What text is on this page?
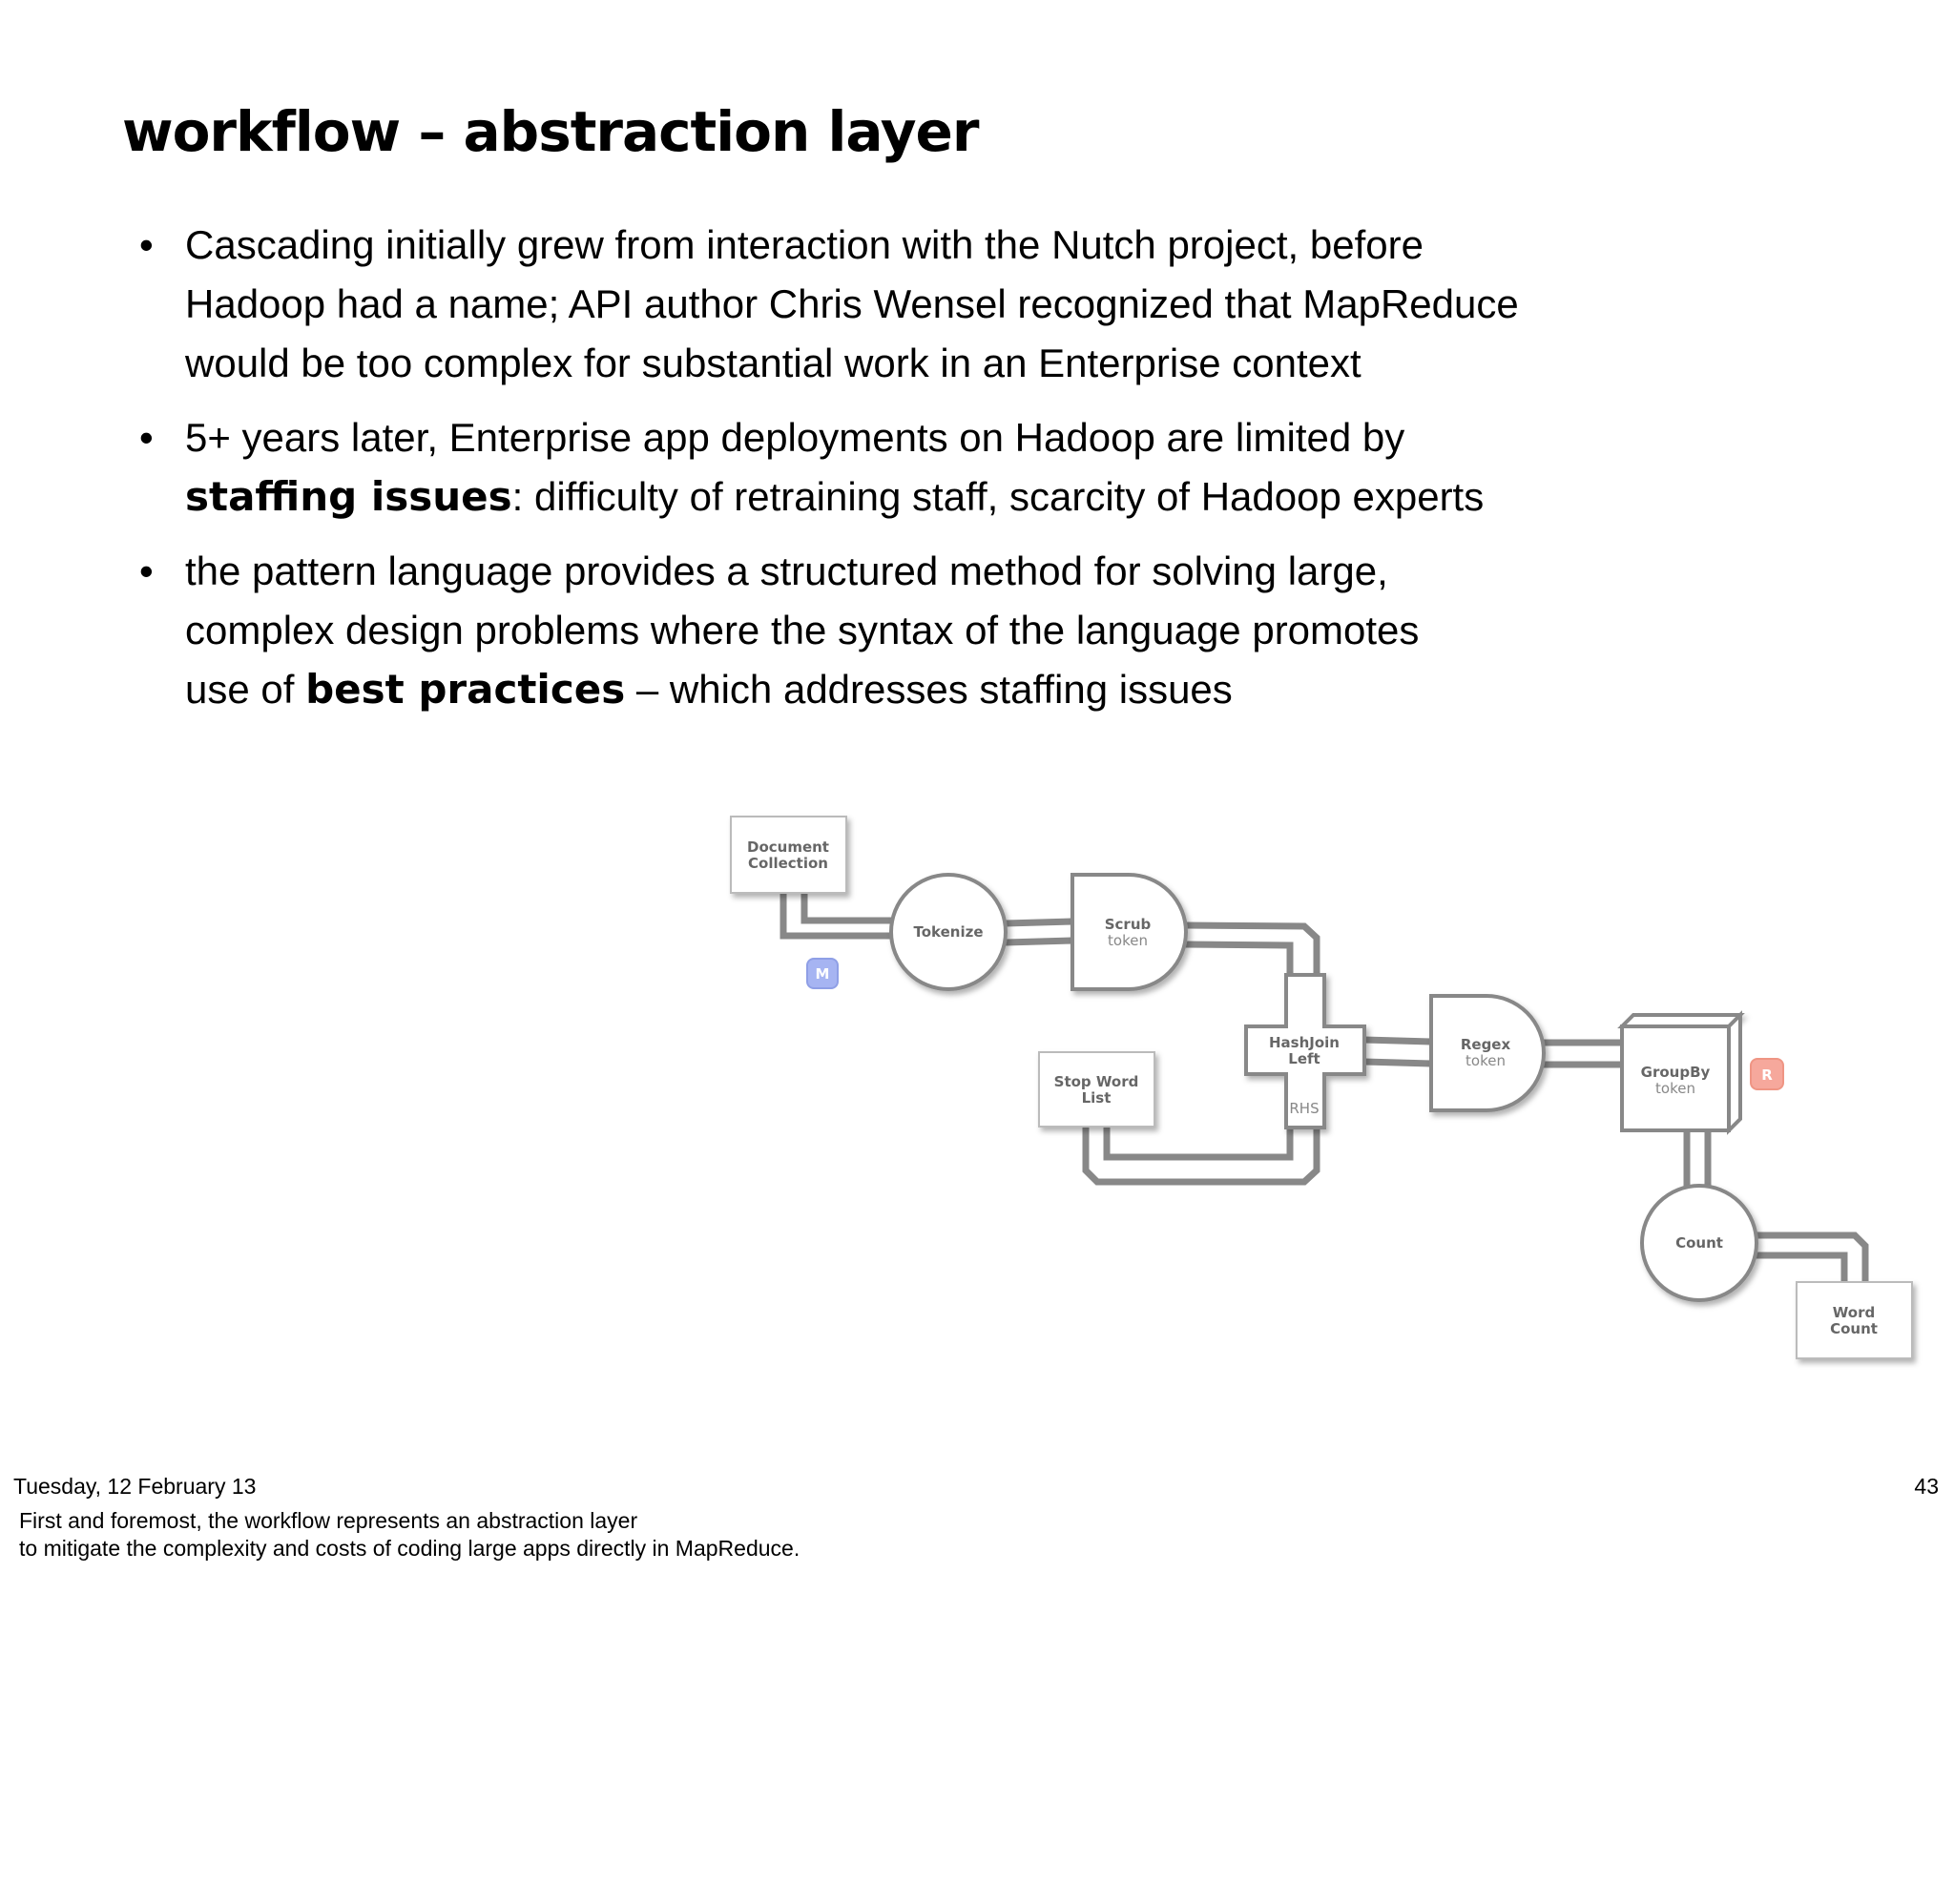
workflow – abstraction layer
• Cascading initially grew from interaction with the Nutch project, before
Hadoop had a name; API author Chris Wensel recognized that MapReduce
would be too complex for substantial work in an Enterprise context
• 5+ years later, Enterprise app deployments on Hadoop are limited by
staffing issues: difficulty of retraining staff, scarcity of Hadoop experts
• the pattern language provides a structured method for solving large,
complex design problems where the syntax of the language promotes
use of best practices – which addresses staffing issues
Document
Collection
M
Tokenize	Scrub
token
Stop Word
List
HashJoin
Left
RHS
Regex
token
GroupBy
token
R
Count
Word
Count
Tuesday, 12 February 13	43
First and foremost, the workflow represents an abstraction layer
to mitigate the complexity and costs of coding large apps directly in MapReduce.
